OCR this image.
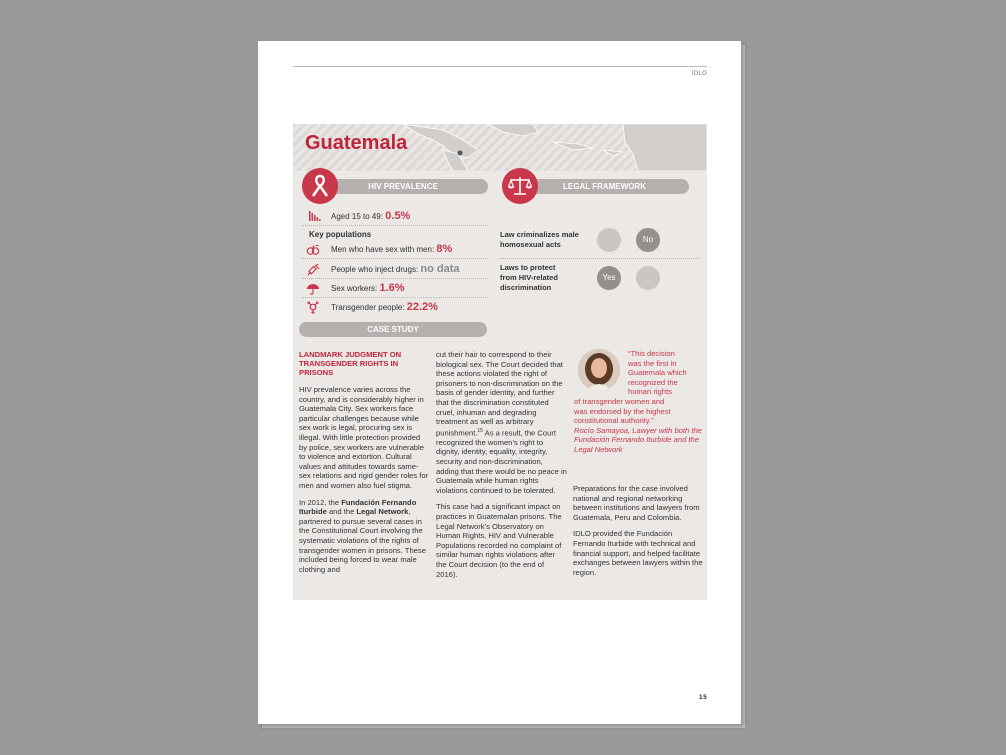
IDLO
Guatemala
HIV PREVALENCE
Aged 15 to 49: 0.5%
Key populations
Men who have sex with men: 8%
People who inject drugs: no data
Sex workers: 1.6%
Transgender people: 22.2%
CASE STUDY
LEGAL FRAMEWORK
Law criminalizes male
homosexual acts
No
Laws to protect
from HIV-related
discrimination
Yes
LANDMARK JUDGMENT ON
TRANSGENDER RIGHTS IN
PRISONS

HIV prevalence varies across the country, and is considerably higher in Guatemala City. Sex workers face particular challenges because while sex work is legal, procuring sex is illegal. With little protection provided by police, sex workers are vulnerable to violence and extortion. Cultural values and attitudes towards same-sex relations and rigid gender roles for men and women also fuel stigma.

In 2012, the Fundación Fernando Iturbide and the Legal Network, partnered to pursue several cases in the Constitutional Court involving the systematic violations of the rights of transgender women in prisons. These included being forced to wear male clothing and

cut their hair to correspond to their biological sex. The Court decided that these actions violated the right of prisoners to non-discrimination on the basis of gender identity, and further that the discrimination constituted cruel, inhuman and degrading treatment as well as arbitrary punishment.$^{15}$ As a result, the Court recognized the women’s right to dignity, identity, equality, integrity, security and non-discrimination, adding that there would be no peace in Guatemala while human rights violations continued to be tolerated.

This case had a significant impact on practices in Guatemalan prisons. The Legal Network’s Observatory on Human Rights, HIV and Vulnerable Populations recorded no complaint of similar human rights violations after the Court decision (to the end of 2016).

“This decision
was the first in
Guatemala which
recognized the
human rights
of transgender women and
was endorsed by the highest
constitutional authority.”
Rocío Samayoa, Lawyer with both the Fundación Fernando Iturbide and the Legal Network

Preparations for the case involved national and regional networking between institutions and lawyers from Guatemala, Peru and Colombia.

IDLO provided the Fundación Fernando Iturbide with technical and financial support, and helped facilitate exchanges between lawyers within the region.

15
